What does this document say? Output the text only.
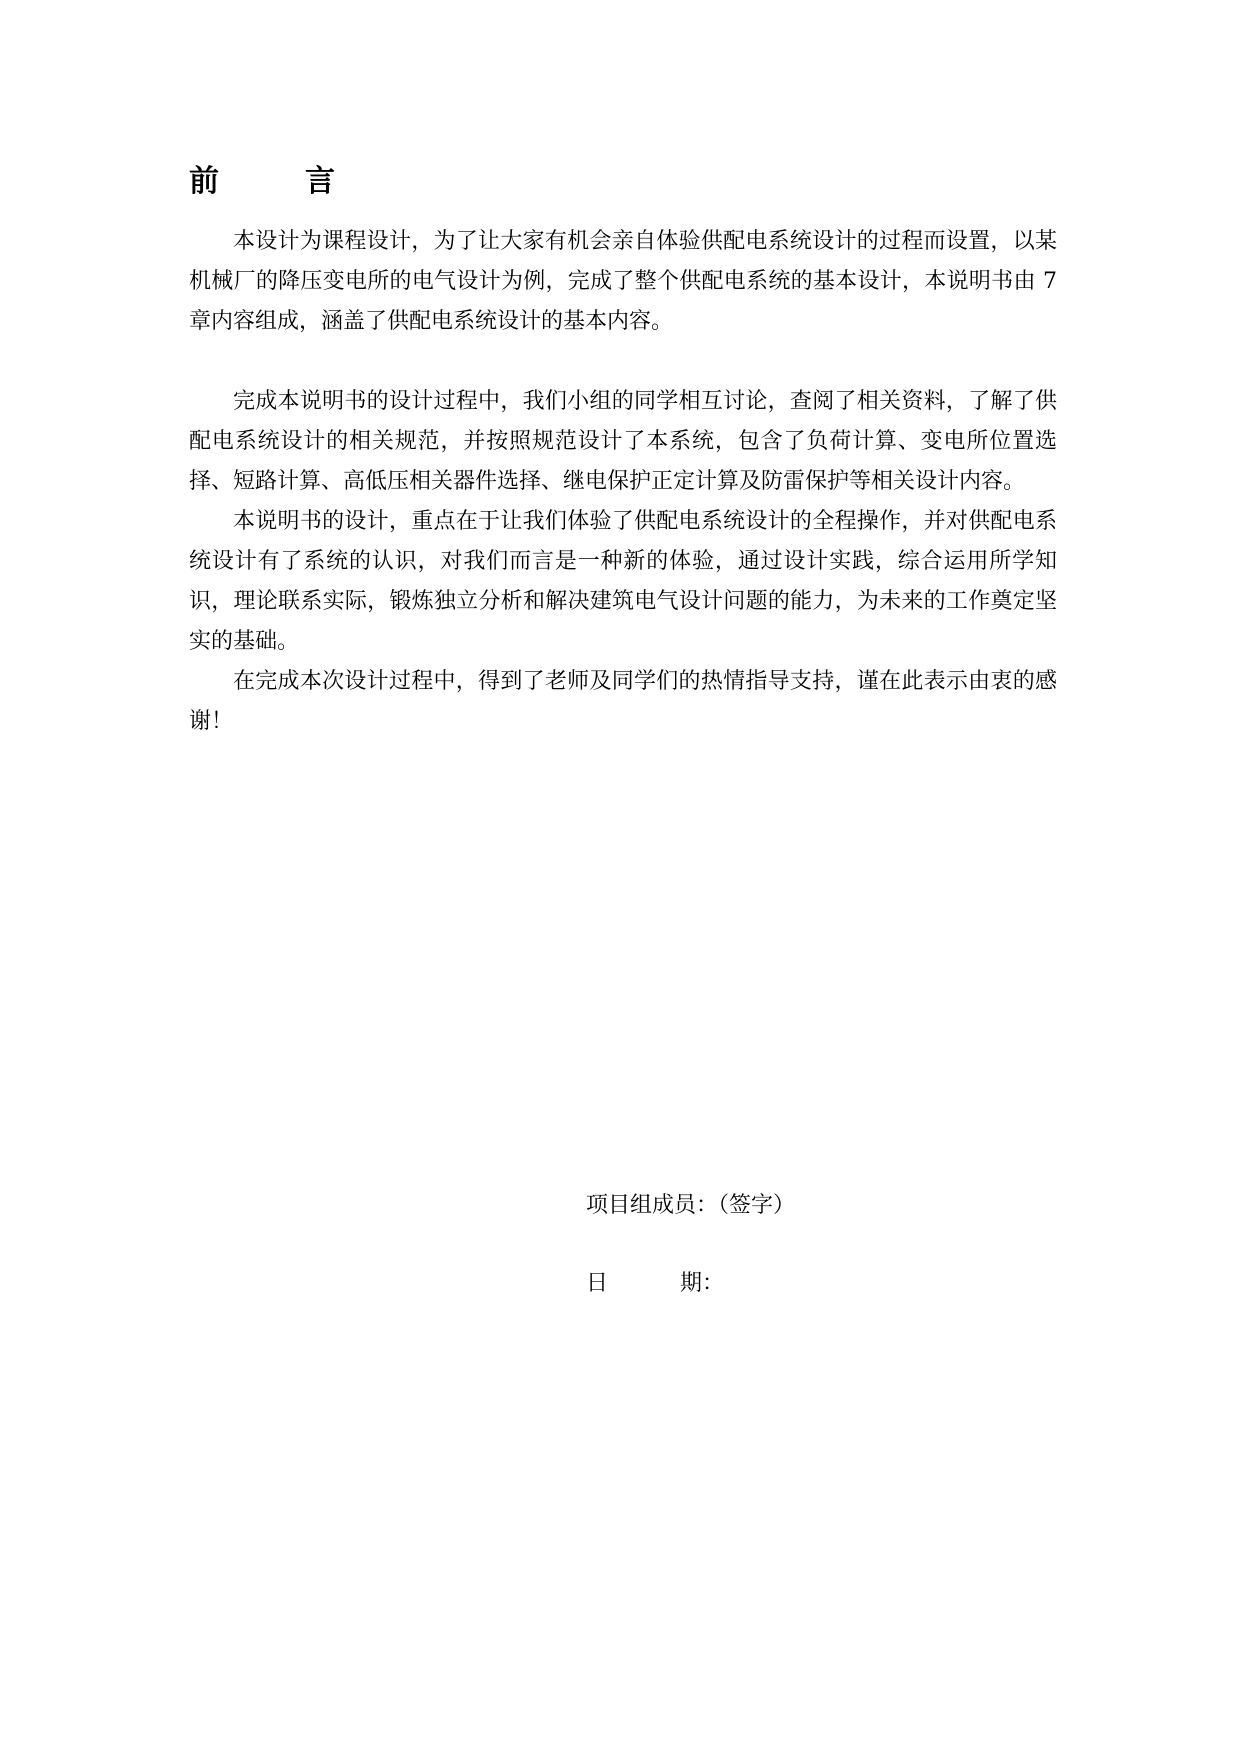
前　言

本设计为课程设计，为了让大家有机会亲自体验供配电系统设计的过程而设置，以某机械厂的降压变电所的电气设计为例，完成了整个供配电系统的基本设计，本说明书由 7 章内容组成，涵盖了供配电系统设计的基本内容。

完成本说明书的设计过程中，我们小组的同学相互讨论，查阅了相关资料，了解了供配电系统设计的相关规范，并按照规范设计了本系统，包含了负荷计算、变电所位置选择、短路计算、高低压相关器件选择、继电保护正定计算及防雷保护等相关设计内容。

本说明书的设计，重点在于让我们体验了供配电系统设计的全程操作，并对供配电系统设计有了系统的认识，对我们而言是一种新的体验，通过设计实践，综合运用所学知识，理论联系实际，锻炼独立分析和解决建筑电气设计问题的能力，为未来的工作奠定坚实的基础。

在完成本次设计过程中，得到了老师及同学们的热情指导支持，谨在此表示由衷的感谢！

项目组成员：（签字）

日	期：
